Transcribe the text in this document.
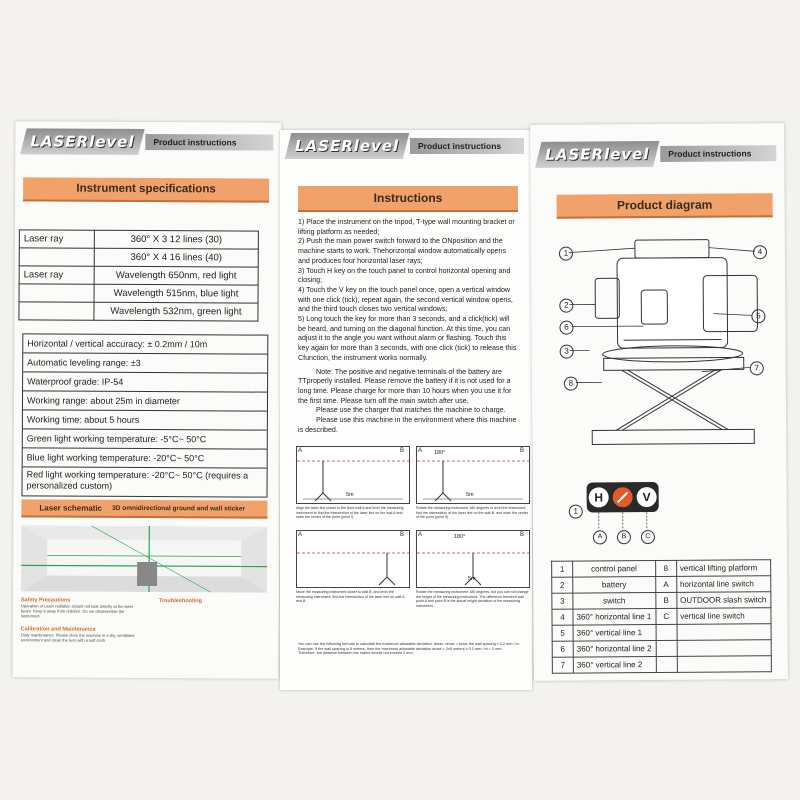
LASERlevel	Product instructions
Instrument specifications
Laser ray	360° X 3 12 lines (30)
	360° X 4 16 lines (40)
Laser ray	Wavelength 650nm, red light
	Wavelength 515nm, blue light
	Wavelength 532nm, green light
Horizontal / vertical accuracy: ± 0.2mm / 10m
Automatic leveling range: ±3
Waterproof grade: IP-54
Working range: about 25m in diameter
Working time: about 5 hours
Green light working temperature: -5°C~ 50°C
Blue light working temperature: -20°C~ 50°C
Red light working temperature: -20°C~ 50°C (requires a personalized custom)
Laser schematic 3D omnidirectional ground and wall sticker
Safety Precautions
Operation of Laser radiation should not look directly at the laser beam. Keep it away from children. Do not disassemble the instrument.
Calibration and Maintenance
Daily maintenance. Please store the machine in a dry, ventilated environment and clean the lens with a soft cloth.
Troubleshooting
LASERlevel	Product instructions
Instructions

1) Place the instrument on the tripod, T-type wall mounting bracket or lifting platform as needed;

2) Push the main power switch forward to the ONposition and the machine starts to work. Thehorizontal window automatically opens and produces four horizontal laser rays;

3) Touch H key on the touch panel to control horizontal opening and closing;

4) Touch the V key on the touch panel once, open a vertical window with one click (tick), repeat again, the second vertical window opens, and the third touch closes two vertical windows;

5) Long touch the key for more than 3 seconds, and a click(tick) will be heard, and turning on the diagonal function. At this time, you can adjust it to the angle you want without alarm or flashing. Touch this key again for more than 3 seconds, with one click (tick) to release this Cfunction, the instrument works normally.

Note: The positive and negative terminals of the battery are TTproperly installed. Please remove the battery if it is not used for a long time. Please charge for more than 10 hours when you use it for the first time. Please turn off the main switch after use.

Please use the charger that matches the machine to charge.

Please use this machine in the environment where this machine is described.

A	B
5m
A	B
180°
5m
A	B A	B
180°
5m
Align the laser line closer to the front wall A and level the measuring instrument to find the intersection of the laser line on the wall A and mark the center of the point (point I).
Rotate the measuring instrument 180 degrees to level the instrument, find the intersection of the laser line on the wall B, and mark the center of the point (point II).
Move the measuring instrument closer to wall B, and level the measuring instrument, find the intersection of the laser line on wall A and B.
Rotate the measuring instrument 180 degrees, but you can not change the height of the measuring instrument. The difference between wall point A and point B is the actual height deviation of the measuring instrument.
You can use the following formula to calculate the maximum allowable deviation. dmax. dmax = twice the wall spacing x 0.2 mm / m. Example: If the wall spacing is 5 meters, then the maximum allowable deviation dmax = 2x5 meters x 0.2 mm / m = 2 mm. Therefore, the distance between the marks should not exceed 2 mm.
LASERlevel	Product instructions
Product diagram
1
2
3
4
5
6
7
8
H	V
1
A	B	C
1	control panel	8	vertical lifting platform
2	battery	A	horizontal line switch
3	switch	B	OUTDOOR slash switch
4	360° horizontal line 1	C	vertical line switch
5	360° vertical line 1		
6	360° horizontal line 2		
7	360° vertical line 2		
